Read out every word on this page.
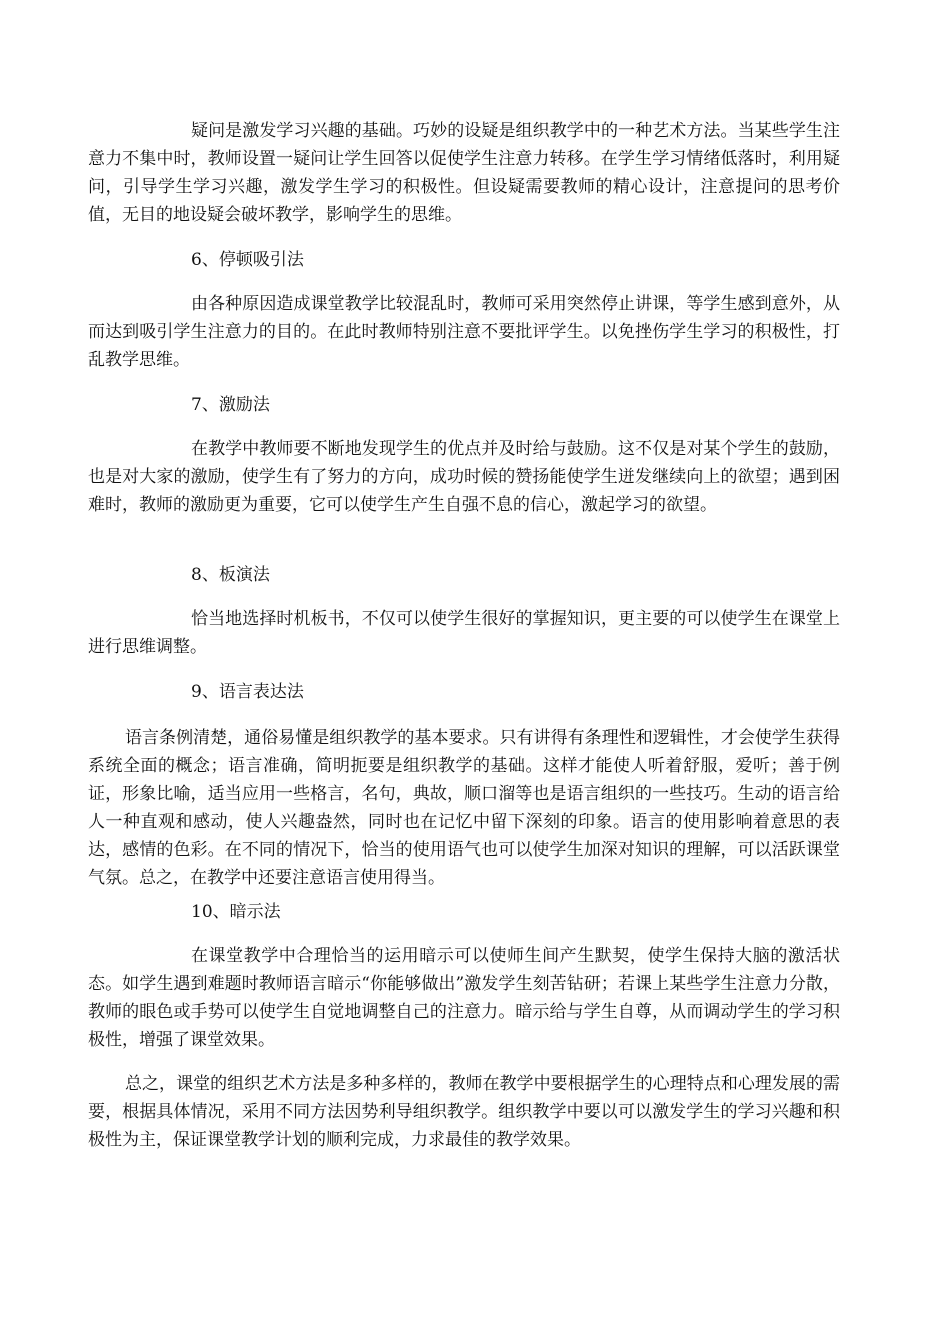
疑问是激发学习兴趣的基础。巧妙的设疑是组织教学中的一种艺术方法。当某些学生注意力不集中时，教师设置一疑问让学生回答以促使学生注意力转移。在学生学习情绪低落时，利用疑问，引导学生学习兴趣，激发学生学习的积极性。但设疑需要教师的精心设计，注意提问的思考价值，无目的地设疑会破坏教学，影响学生的思维。

6、停顿吸引法

由各种原因造成课堂教学比较混乱时，教师可采用突然停止讲课，等学生感到意外，从而达到吸引学生注意力的目的。在此时教师特别注意不要批评学生。以免挫伤学生学习的积极性，打乱教学思维。

7、激励法

在教学中教师要不断地发现学生的优点并及时给与鼓励。这不仅是对某个学生的鼓励，也是对大家的激励，使学生有了努力的方向，成功时候的赞扬能使学生迸发继续向上的欲望；遇到困难时，教师的激励更为重要，它可以使学生产生自强不息的信心，激起学习的欲望。

8、板演法

恰当地选择时机板书，不仅可以使学生很好的掌握知识，更主要的可以使学生在课堂上进行思维调整。

9、语言表达法

语言条例清楚，通俗易懂是组织教学的基本要求。只有讲得有条理性和逻辑性，才会使学生获得系统全面的概念；语言准确，简明扼要是组织教学的基础。这样才能使人听着舒服，爱听；善于例证，形象比喻，适当应用一些格言，名句，典故，顺口溜等也是语言组织的一些技巧。生动的语言给人一种直观和感动，使人兴趣盎然，同时也在记忆中留下深刻的印象。语言的使用影响着意思的表达，感情的色彩。在不同的情况下，恰当的使用语气也可以使学生加深对知识的理解，可以活跃课堂气氛。总之，在教学中还要注意语言使用得当。

10、暗示法

在课堂教学中合理恰当的运用暗示可以使师生间产生默契，使学生保持大脑的激活状态。如学生遇到难题时教师语言暗示“你能够做出”激发学生刻苦钻研；若课上某些学生注意力分散，教师的眼色或手势可以使学生自觉地调整自己的注意力。暗示给与学生自尊，从而调动学生的学习积极性，增强了课堂效果。

总之，课堂的组织艺术方法是多种多样的，教师在教学中要根据学生的心理特点和心理发展的需要，根据具体情况，采用不同方法因势利导组织教学。组织教学中要以可以激发学生的学习兴趣和积极性为主，保证课堂教学计划的顺利完成，力求最佳的教学效果。
